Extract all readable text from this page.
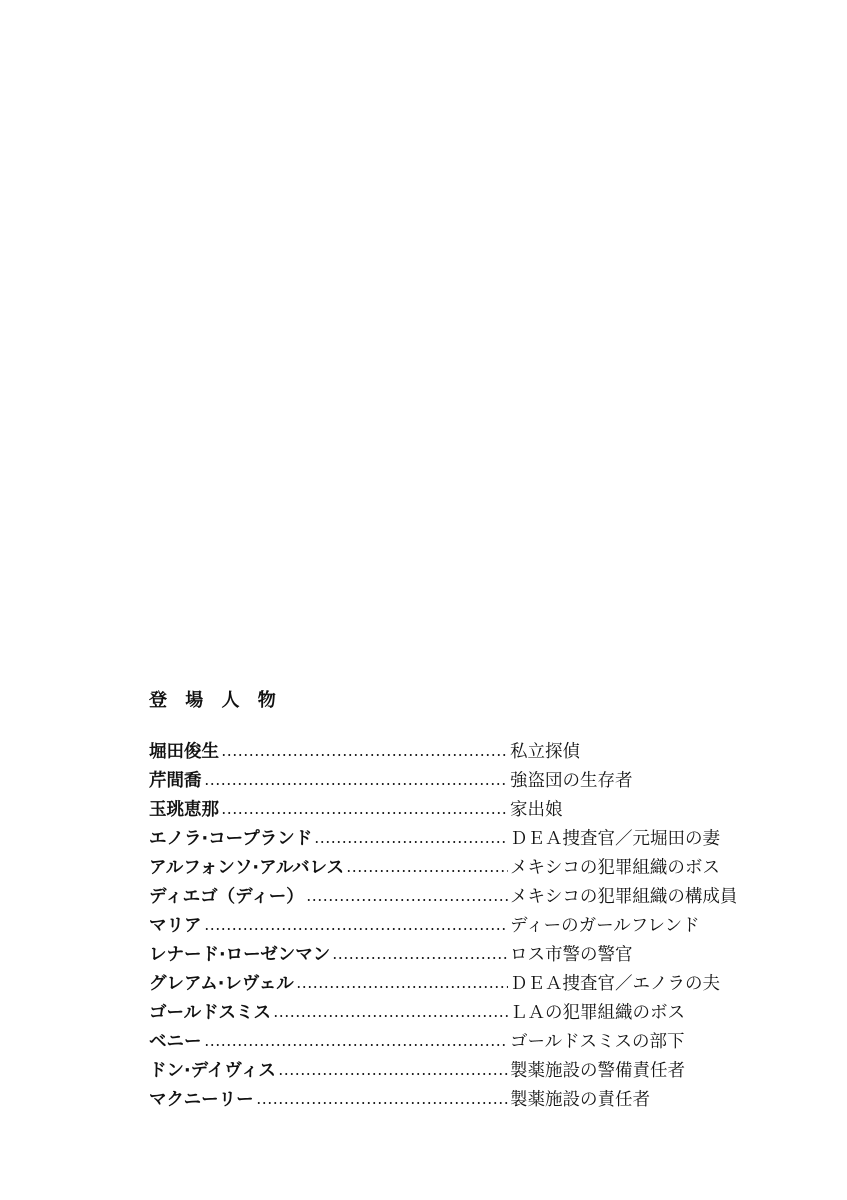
登 場 人 物
堀田俊生	私立探偵
芹間喬	強盗団の生存者
玉珧恵那	家出娘
エノラ·コープランド	ＤＥＡ捜査官／元堀田の妻
アルフォンソ·アルバレス	メキシコの犯罪組織のボス
ディエゴ（ディー）	メキシコの犯罪組織の構成員
マリア	ディーのガールフレンド
レナード·ローゼンマン	ロス市警の警官
グレアム·レヴェル	ＤＥＡ捜査官／エノラの夫
ゴールドスミス	ＬＡの犯罪組織のボス
ベニー	ゴールドスミスの部下
ドン·デイヴィス	製薬施設の警備責任者
マクニーリー	製薬施設の責任者
